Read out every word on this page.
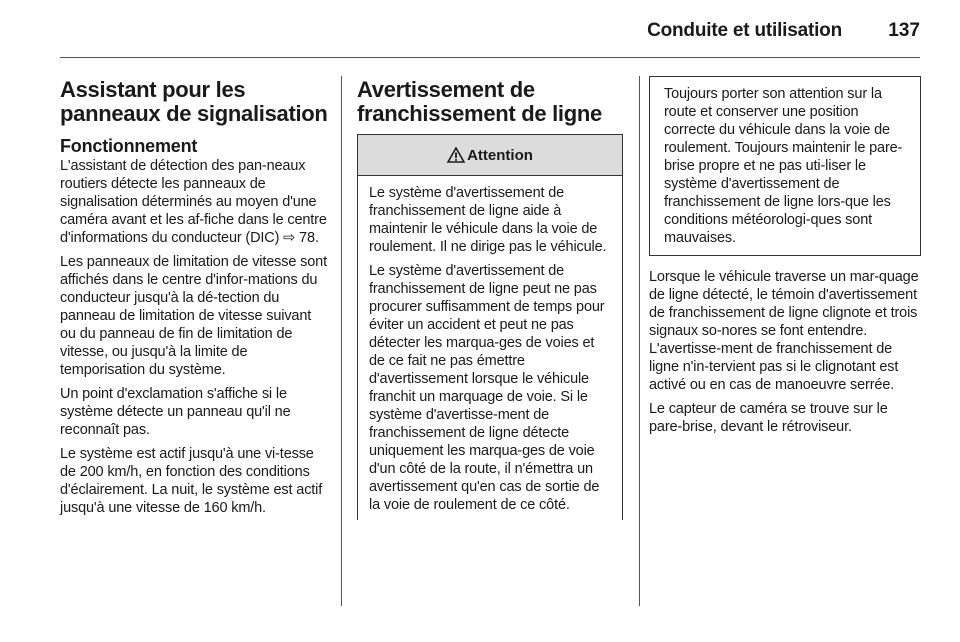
Conduite et utilisation 137
Assistant pour les panneaux de signalisation
Fonctionnement

L'assistant de détection des pan-neaux routiers détecte les panneaux de signalisation déterminés au moyen d'une caméra avant et les af-fiche dans le centre d'informations du conducteur (DIC) ⇨ 78.

Les panneaux de limitation de vitesse sont affichés dans le centre d'infor-mations du conducteur jusqu'à la dé-tection du panneau de limitation de vitesse suivant ou du panneau de fin de limitation de vitesse, ou jusqu'à la limite de temporisation du système.

Un point d'exclamation s'affiche si le système détecte un panneau qu'il ne reconnaît pas.

Le système est actif jusqu'à une vi-tesse de 200 km/h, en fonction des conditions d'éclairement. La nuit, le système est actif jusqu'à une vitesse de 160 km/h.

Avertissement de franchissement de ligne
Attention

Le système d'avertissement de franchissement de ligne aide à maintenir le véhicule dans la voie de roulement. Il ne dirige pas le véhicule.

Le système d'avertissement de franchissement de ligne peut ne pas procurer suffisamment de temps pour éviter un accident et peut ne pas détecter les marqua-ges de voies et de ce fait ne pas émettre d'avertissement lorsque le véhicule franchit un marquage de voie. Si le système d'avertisse-ment de franchissement de ligne détecte uniquement les marqua-ges de voie d'un côté de la route, il n'émettra un avertissement qu'en cas de sortie de la voie de roulement de ce côté.

Toujours porter son attention sur la route et conserver une position correcte du véhicule dans la voie de roulement. Toujours maintenir le pare-brise propre et ne pas uti-liser le système d'avertissement de franchissement de ligne lors-que les conditions météorologi-ques sont mauvaises.

Lorsque le véhicule traverse un mar-quage de ligne détecté, le témoin d'avertissement de franchissement de ligne clignote et trois signaux so-nores se font entendre. L'avertisse-ment de franchissement de ligne n'in-tervient pas si le clignotant est activé ou en cas de manoeuvre serrée.

Le capteur de caméra se trouve sur le pare-brise, devant le rétroviseur.
